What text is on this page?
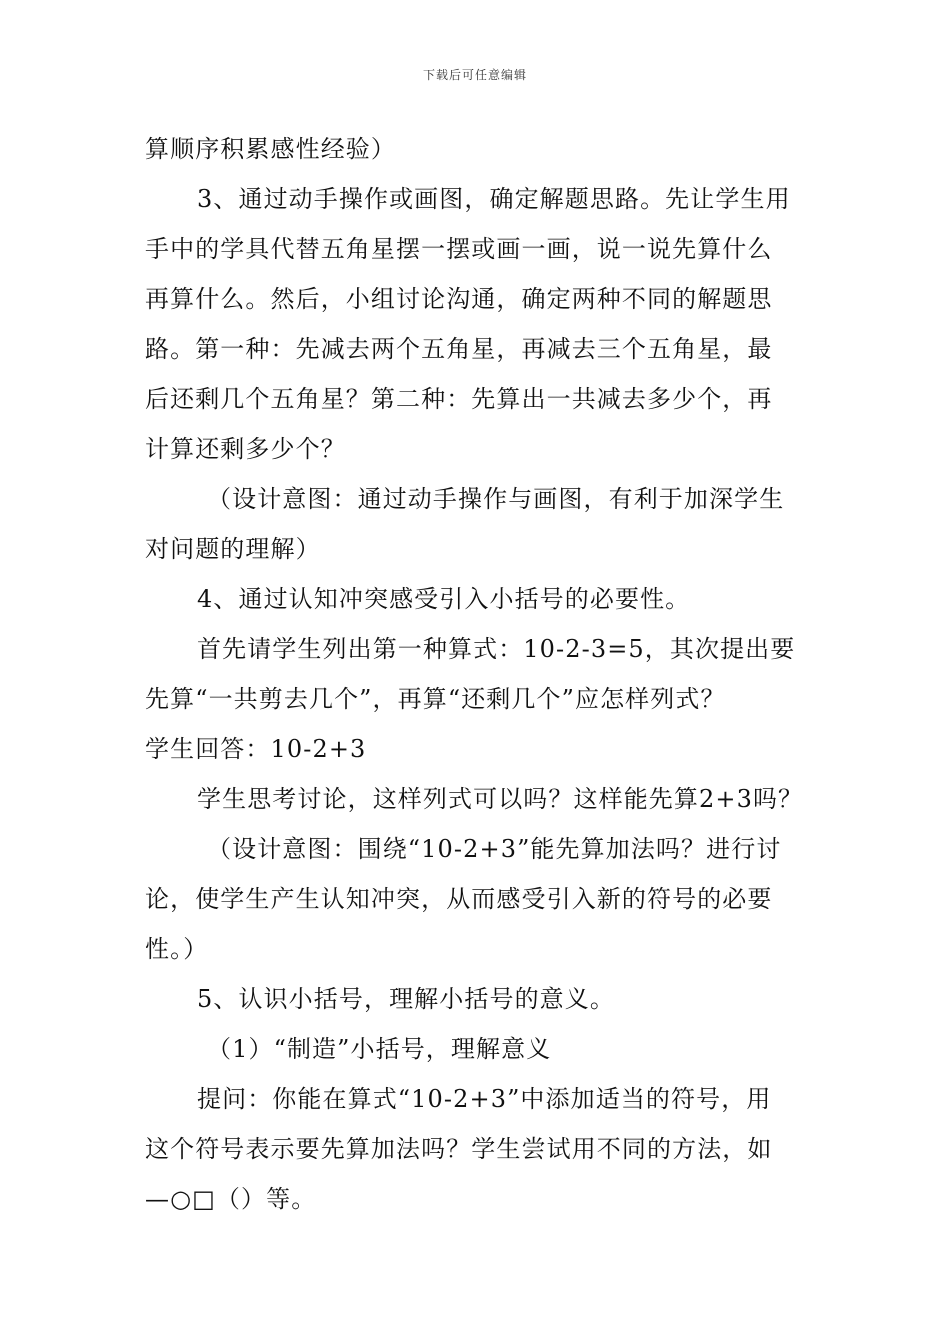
下载后可任意编辑
算顺序积累感性经验）
3、通过动手操作或画图，确定解题思路。先让学生用
手中的学具代替五角星摆一摆或画一画，说一说先算什么
再算什么。然后，小组讨论沟通，确定两种不同的解题思
路。第一种：先减去两个五角星，再减去三个五角星，最
后还剩几个五角星？第二种：先算出一共减去多少个，再
计算还剩多少个？
（设计意图：通过动手操作与画图，有利于加深学生
对问题的理解）
4、通过认知冲突感受引入小括号的必要性。
首先请学生列出第一种算式：10-2-3=5，其次提出要
先算“一共剪去几个”，再算“还剩几个”应怎样列式？
学生回答：10-2+3
学生思考讨论，这样列式可以吗？这样能先算2+3吗？
（设计意图：围绕“10-2+3”能先算加法吗？进行讨
论，使学生产生认知冲突，从而感受引入新的符号的必要
性。）
5、认识小括号，理解小括号的意义。
（1）“制造”小括号，理解意义
提问：你能在算式“10-2+3”中添加适当的符号，用
这个符号表示要先算加法吗？学生尝试用不同的方法，如
—○□（）等。
